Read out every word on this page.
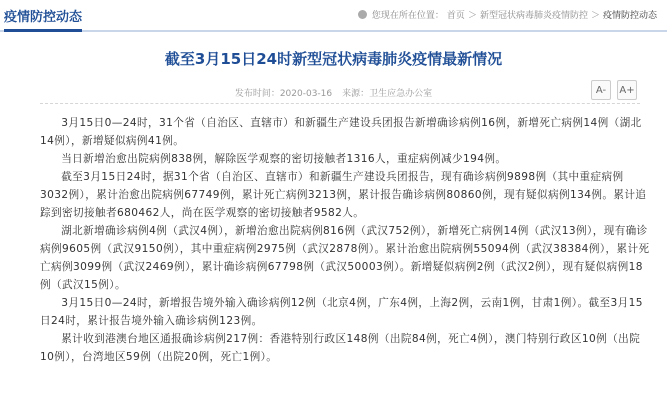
疫情防控动态	您现在所在位置： 首页 ＞ 新型冠状病毒肺炎疫情防控 ＞ 疫情防控动态
截至3月15日24时新型冠状病毒肺炎疫情最新情况
发布时间：2020-03-16 来源：卫生应急办公室	A-	A+

3月15日0—24时，31个省（自治区、直辖市）和新疆生产建设兵团报告新增确诊病例16例，新增死亡病例14例（湖北14例），新增疑似病例41例。

当日新增治愈出院病例838例，解除医学观察的密切接触者1316人，重症病例减少194例。

截至3月15日24时，据31个省（自治区、直辖市）和新疆生产建设兵团报告，现有确诊病例9898例（其中重症病例3032例），累计治愈出院病例67749例，累计死亡病例3213例，累计报告确诊病例80860例，现有疑似病例134例。累计追踪到密切接触者680462人，尚在医学观察的密切接触者9582人。

湖北新增确诊病例4例（武汉4例），新增治愈出院病例816例（武汉752例），新增死亡病例14例（武汉13例），现有确诊病例9605例（武汉9150例），其中重症病例2975例（武汉2878例）。累计治愈出院病例55094例（武汉38384例），累计死亡病例3099例（武汉2469例），累计确诊病例67798例（武汉50003例）。新增疑似病例2例（武汉2例），现有疑似病例18例（武汉15例）。

3月15日0—24时，新增报告境外输入确诊病例12例（北京4例，广东4例，上海2例，云南1例，甘肃1例）。截至3月15日24时，累计报告境外输入确诊病例123例。

累计收到港澳台地区通报确诊病例217例：香港特别行政区148例（出院84例，死亡4例），澳门特别行政区10例（出院10例），台湾地区59例（出院20例，死亡1例）。
